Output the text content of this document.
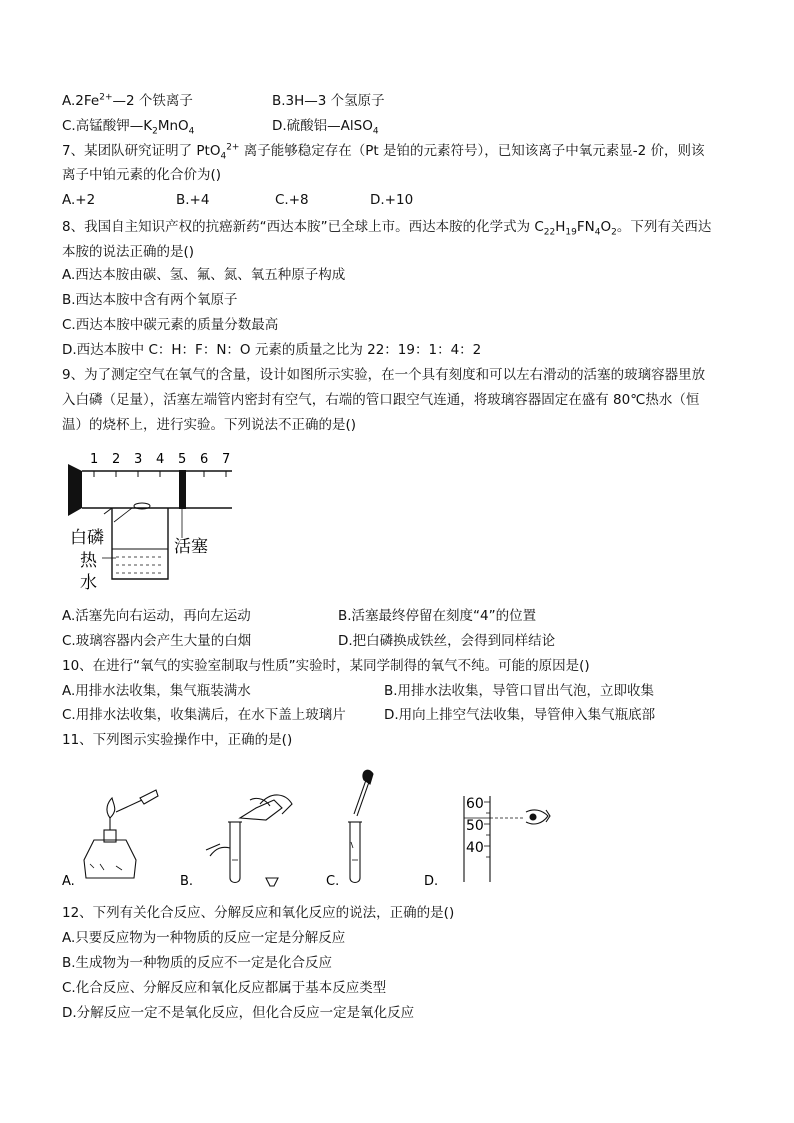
$A.2Fe^{2+}—2$ 个铁离子	B.3H—3 个氢原子
C.高锰酸钾$—K_2MnO_4$	D.硫酸铝—AlSO$_4$
7、某团队研究证明了 PtO$_4^{2+}$ 离子能够稳定存在（Pt 是铂的元素符号），已知该离子中氧元素显-2 价，则该
离子中铂元素的化合价为()
A.+2	B.+4	C.+8	D.+10
8、我国自主知识产权的抗癌新药“西达本胺”已全球上市。西达本胺的化学式为 $C_{22}H_{19}FN_4O_2$。下列有关西达
本胺的说法正确的是()
A.西达本胺由碳、氢、氟、氮、氧五种原子构成
B.西达本胺中含有两个氧原子
C.西达本胺中碳元素的质量分数最高
D.西达本胺中 C：H：F：N：O 元素的质量之比为 22：19：1：4：2
9、为了测定空气在氧气的含量，设计如图所示实验，在一个具有刻度和可以左右滑动的活塞的玻璃容器里放
入白磷（足量），活塞左端管内密封有空气，右端的管口跟空气连通，将玻璃容器固定在盛有 80℃热水（恒
温）的烧杯上，进行实验。下列说法不正确的是()
1 2 3 4 5 6 7
白磷	活塞
热
水
A.活塞先向右运动，再向左运动	B.活塞最终停留在刻度“4”的位置
C.玻璃容器内会产生大量的白烟	D.把白磷换成铁丝，会得到同样结论
10、在进行“氧气的实验室制取与性质”实验时，某同学制得的氧气不纯。可能的原因是()
A.用排水法收集，集气瓶装满水	B.用排水法收集，导管口冒出气泡，立即收集
C.用排水法收集，收集满后，在水下盖上玻璃片	D.用向上排空气法收集，导管伸入集气瓶底部
11、下列图示实验操作中，正确的是()
A.	B.	C.
60
50
40
D.
12、下列有关化合反应、分解反应和氧化反应的说法，正确的是()
A.只要反应物为一种物质的反应一定是分解反应
B.生成物为一种物质的反应不一定是化合反应
C.化合反应、分解反应和氧化反应都属于基本反应类型
D.分解反应一定不是氧化反应，但化合反应一定是氧化反应
